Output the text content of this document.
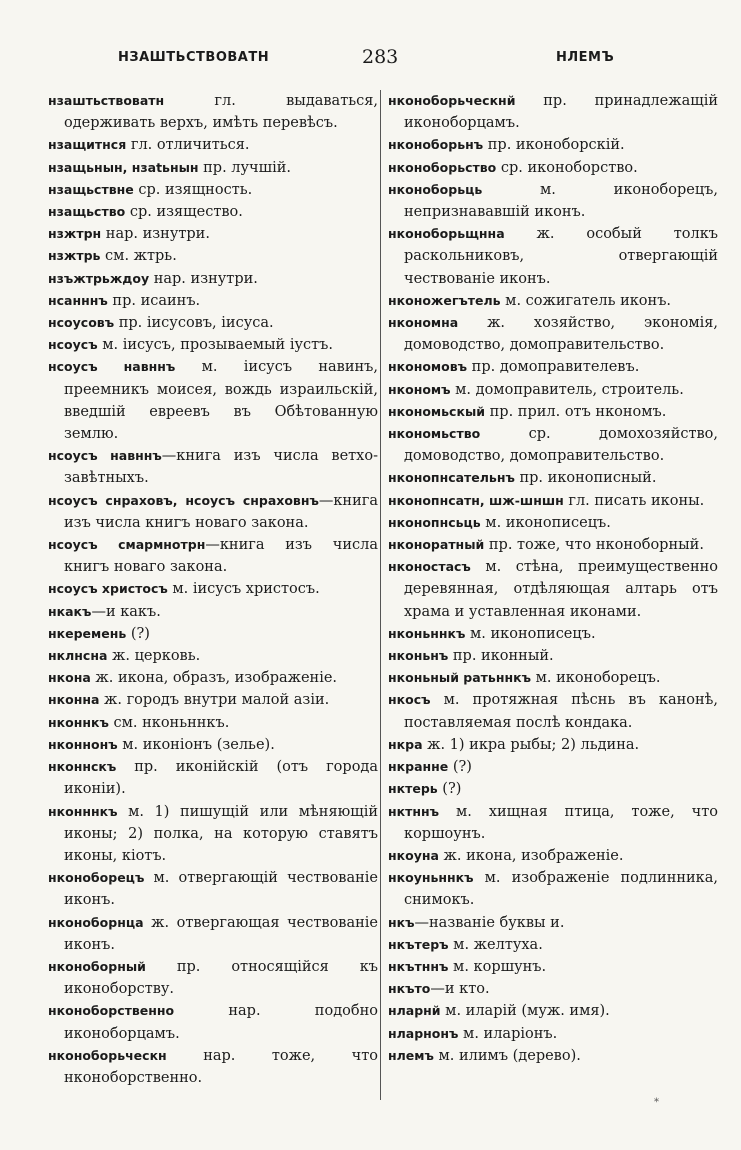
НЗАШТЬСТВОВАТН	283	НЛЕМЪ
нзаштьствоватн гл. выдаваться, одерживать верхъ, имѣть перевѣсъ.
нзащитнся гл. отличиться.
нзащьнын, нзаtьнын пр. лучшій.
нзащьствне ср. изящность.
нзащьство ср. изящество.
нзжтрн нар. изнутри.
нзжтрь см. жтрь.
нзъжтрьждоу нар. изнутри.
нсанннъ пр. исаинъ.
нсоусовъ пр. іисусовъ, іисуса.
нсоусъ м. іисусъ, прозываемый іустъ.
нсоусъ навннъ м. іисусъ навинъ, преемникъ моисея, вождь израильскій, введшій евреевъ въ Обѣтованную землю.
нсоусъ навннъ—книга изъ числа ветхо-завѣтныхъ.
нсоусъ снраховъ, нсоусъ снраховнъ—книга изъ числа книгъ новаго закона.
нсоусъ смармнотрн—книга изъ числа книгъ новаго закона.
нсоусъ христосъ м. іисусъ христосъ.
нкакъ—и какъ.
нкеремень (?)
нклнсна ж. церковь.
нкона ж. икона, образъ, изображеніе.
нконна ж. городъ внутри малой азіи.
нконнкъ см. нконьннкъ.
нконнонъ м. иконіонъ (зелье).
нконнскъ пр. иконійскій (отъ города иконіи).
нконннкъ м. 1) пишущій или мѣняющій иконы; 2) полка, на которую ставятъ иконы, кіотъ.
нконоборецъ м. отвергающій чествованіе иконъ.
нконоборнца ж. отвергающая чествованіе иконъ.
нконоборный пр. относящійся къ иконоборству.
нконоборственно нар. подобно иконоборцамъ.
нконоборьческн нар. тоже, что нконоборственно.
нконоборьческнй пр. принадлежащій иконоборцамъ.
нконоборьнъ пр. иконоборскій.
нконоборьство ср. иконоборство.
нконоборьць м. иконоборецъ, непризнававшій иконъ.
нконоборьщнна ж. особый толкъ раскольниковъ, отвергающій чествованіе иконъ.
нконожегътель м. сожигатель иконъ.
нкономна ж. хозяйство, экономія, домоводство, домоправительство.
нкономовъ пр. домоправителевъ.
нкономъ м. домоправитель, строитель.
нкономьскый пр. прил. отъ нкономъ.
нкономьство ср. домохозяйство, домоводство, домоправительство.
нконопнсательнъ пр. иконописный.
нконопнсатн, шж-шншн гл. писать иконы.
нконопнсьць м. иконописецъ.
нконоратный пр. тоже, что нконоборный.
нконостасъ м. стѣна, преимущественно деревянная, отдѣляющая алтарь отъ храма и уставленная иконами.
нконьннкъ м. иконописецъ.
нконьнъ пр. иконный.
нконьный ратьннкъ м. иконоборецъ.
нкосъ м. протяжная пѣснь въ канонѣ, поставляемая послѣ кондака.
нкра ж. 1) икра рыбы; 2) льдина.
нкранне (?)
нктерь (?)
нктннъ м. хищная птица, тоже, что коршоунъ.
нкоуна ж. икона, изображеніе.
нкоуньннкъ м. изображеніе подлинника, снимокъ.
нкъ—названіе буквы и.
нкътеръ м. желтуха.
нкътннъ м. коршунъ.
нкъто—и кто.
нларнй м. иларій (муж. имя).
нларнонъ м. иларіонъ.
нлемъ м. илимъ (дерево).
*
